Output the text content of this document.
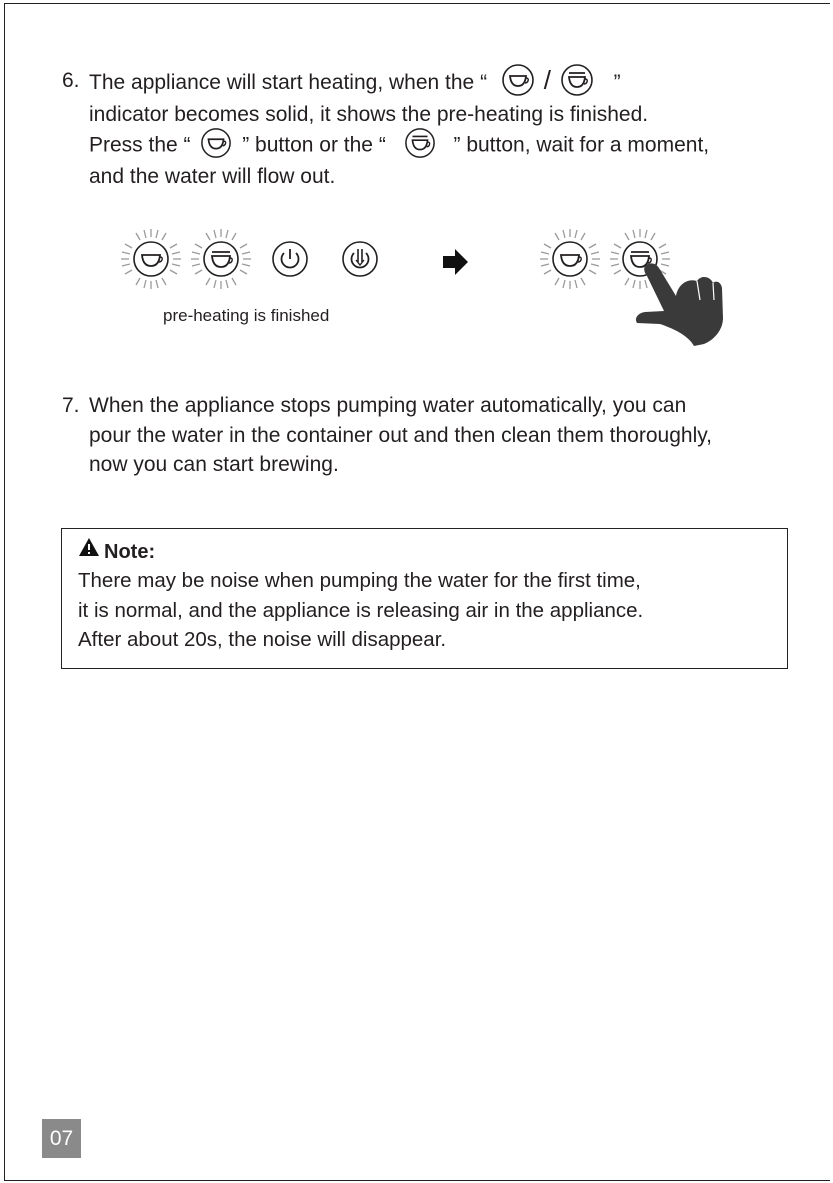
6. The appliance will start heating, when the “ /	”
indicator becomes solid, it shows the pre-heating is finished.
Press the “ ” button or the “	” button, wait for a moment,
and the water will flow out.
pre-heating is finished
7. When the appliance stops pumping water automatically, you can
pour the water in the container out and then clean them thoroughly,
now you can start brewing.
Note:
There may be noise when pumping the water for the first time,
it is normal, and the appliance is releasing air in the appliance.
After about 20s, the noise will disappear.
07
